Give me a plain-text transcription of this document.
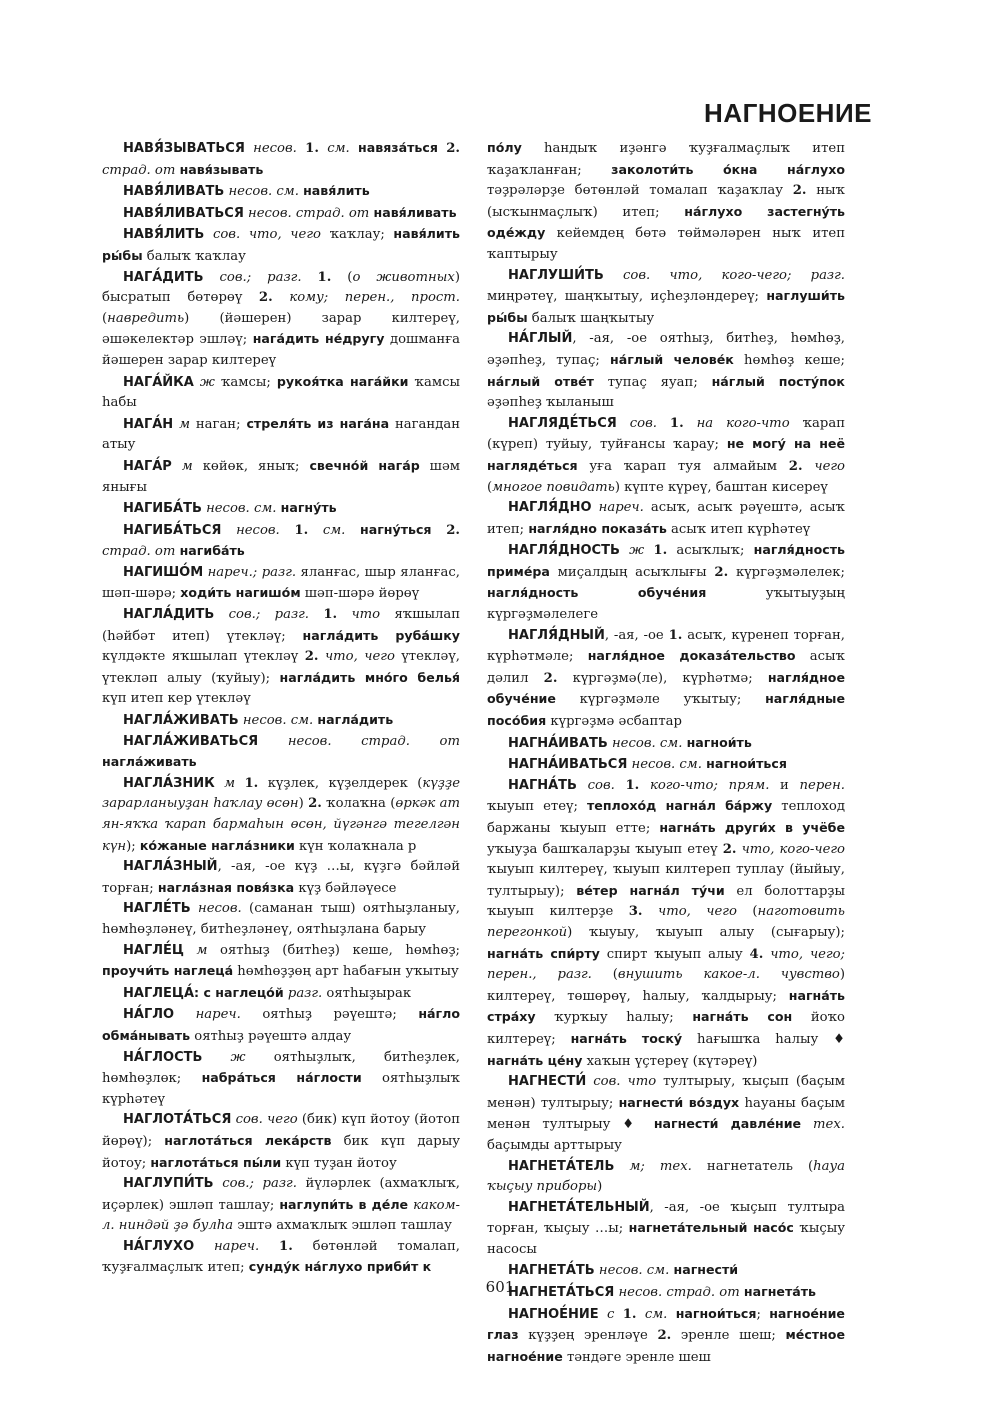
НАГНОЕНИЕ

НАВЯ́ЗЫВАТЬСЯ несов. 1. см. навяза́ться 2. страд. от навя́зывать

НАВЯ́ЛИВАТЬ несов. см. навя́лить

НАВЯ́ЛИВАТЬСЯ несов. страд. от навя́ливать

НАВЯ́ЛИТЬ сов. что, чего ҡаҡлау; навя́лить ры́бы балыҡ ҡаҡлау

НАГА́ДИТЬ сов.; разг. 1. (о животных) бысратып бөтөрөү 2. кому; перен., прост. (навредить) (йәшерен) зарар килтереү, әшәкелектәр эшләү; нага́дить не́другу дошманға йәшерен зарар килтереү

НАГА́ЙКА ж ҡамсы; рукоя́тка нага́йки ҡамсы һабы

НАГА́Н м наган; стреля́ть из нага́на нагандан атыу

НАГА́Р м көйөк, яныҡ; свечно́й нага́р шәм янығы

НАГИБА́ТЬ несов. см. нагну́ть

НАГИБА́ТЬСЯ несов. 1. см. нагну́ться 2. страд. от нагиба́ть

НАГИШО́М нареч.; разг. яланғас, шыр яланғас, шәп-шәрә; ходи́ть нагишо́м шәп-шәрә йөрөү

НАГЛА́ДИТЬ сов.; разг. 1. что яҡшылап (һәйбәт итеп) үтекләү; нагла́дить руба́шку күлдәкте яҡшылап үтекләү 2. что, чего үтекләү, үтекләп алыу (ҡуйыу); нагла́дить мно́го белья́ күп итеп кер үтекләү

НАГЛА́ЖИВАТЬ несов. см. нагла́дить

НАГЛА́ЖИВАТЬСЯ несов. страд. от нагла́живать

НАГЛА́ЗНИК м 1. күҙлек, күҙелдерек (күҙҙе зарарланыуҙан һаҡлау өсөн) 2. ҡолаҡна (өркәк ат ян-яҡҡа ҡарап бармаһын өсөн, йүгәнгә тегелгән күн); ко́жаные нагла́зники күн ҡолаҡнала р

НАГЛА́ЗНЫЙ, -ая, -ое күҙ …ы, күҙгә бәйләй торған; нагла́зная повя́зка күҙ бәйләүесе

НАГЛЕ́ТЬ несов. (саманан тыш) оятһыҙланыу, һөмһөҙләнеү, битһеҙләнеү, оятһыҙлана барыу

НАГЛЕ́Ц м оятһыҙ (битһеҙ) кеше, һөмһөҙ; проучи́ть наглеца́ һөмһөҙҙөң арт һабағын уҡытыу

НАГЛЕЦА́: с наглецо́й разг. оятһыҙырак

НА́ГЛО нареч. оятһыҙ рәүештә; на́гло обма́нывать оятһыҙ рәүештә алдау

НА́ГЛОСТЬ ж оятһыҙлыҡ, битһеҙлек, һөмһөҙлөк; набра́ться на́глости оятһыҙлыҡ күрһәтеү

НАГЛОТА́ТЬСЯ сов. чего (бик) күп йотоу (йотоп йөрөү); наглота́ться лека́рств бик күп дарыу йотоу; наглота́ться пы́ли күп туҙан йотоу

НАГЛУПИ́ТЬ сов.; разг. йүләрлек (ахмаҡлыҡ, иҫәрлек) эшләп ташлау; наглупи́ть в де́ле каком-л. ниндәй ҙә булһа эштә ахмаҡлыҡ эшләп ташлау

НА́ГЛУХО нареч. 1. бөтөнләй томалап, ҡуҙғалмаҫлыҡ итеп; сунду́к на́глухо приби́т к

по́лу һандыҡ иҙәнгә ҡуҙғалмаҫлыҡ итеп ҡаҙаҡланған; заколоти́ть о́кна на́глухо тәҙрәләрҙе бөтөнләй томалап ҡаҙаҡлау 2. ныҡ (ысҡынмаҫлыҡ) итеп; на́глухо застегну́ть оде́жду кейемдең бөтә төймәләрен ныҡ итеп ҡаптырыу

НАГЛУШИ́ТЬ сов. что, кого-чего; разг. миңрәтеү, шаңҡытыу, иҫһеҙләндереү; наглуши́ть ры́бы балыҡ шаңҡытыу

НА́ГЛЫЙ, -ая, -ое оятһыҙ, битһеҙ, һөмһөҙ, әҙәпһеҙ, тупаҫ; на́глый челове́к һөмһөҙ кеше; на́глый отве́т тупаҫ яуап; на́глый посту́пок әҙәпһеҙ ҡыланыш

НАГЛЯДЕ́ТЬСЯ сов. 1. на кого-что ҡарап (күреп) туйыу, туйғансы ҡарау; не могу́ на неё нагляде́ться уға ҡарап туя алмайым 2. чего (многое повидать) күпте күреү, баштан кисереү

НАГЛЯ́ДНО нареч. асыҡ, асыҡ рәүештә, асыҡ итеп; нагля́дно показа́ть асыҡ итеп күрһәтеү

НАГЛЯ́ДНОСТЬ ж 1. асыҡлыҡ; нагля́дность приме́ра миҫалдың асыҡлығы 2. күргәҙмәлелек; нагля́дность обуче́ния уҡытыуҙың күргәҙмәлелеге

НАГЛЯ́ДНЫЙ, -ая, -ое 1. асыҡ, күренеп торған, күрһәтмәле; нагля́дное доказа́тельство асыҡ дәлил 2. күргәҙмә(ле), күрһәтмә; нагля́дное обуче́ние күргәҙмәле уҡытыу; нагля́дные посо́бия күргәҙмә әсбаптар

НАГНА́ИВАТЬ несов. см. нагнои́ть

НАГНА́ИВАТЬСЯ несов. см. нагнои́ться

НАГНА́ТЬ сов. 1. кого-что; прям. и перен. ҡыуып етеү; теплохо́д нагна́л ба́ржу теплоход баржаны ҡыуып етте; нагна́ть други́х в учёбе уҡыуҙа башҡаларҙы ҡыуып етеү 2. что, кого-чего ҡыуып килтереү, ҡыуып килтереп туплау (йыйыу, тултырыу); ве́тер нагна́л ту́чи ел болоттарҙы ҡыуып килтерҙе 3. что, чего (наготовить перегонкой) ҡыуыу, ҡыуып алыу (сығарыу); нагна́ть спи́рту спирт ҡыуып алыу 4. что, чего; перен., разг. (внушить какое-л. чувство) килтереү, төшөрөү, һалыу, ҡалдырыу; нагна́ть стра́ху ҡурҡыу һалыу; нагна́ть сон йоҡо килтереү; нагна́ть тоску́ һағышҡа һалыу ♦ нагна́ть це́ну хаҡын үҫтереү (күтәреү)

НАГНЕСТИ́ сов. что тултырыу, ҡыҫып (баҫым менән) тултырыу; нагнести́ во́здух һауаны баҫым менән тултырыу ♦ нагнести́ давле́ние тех. баҫымды арттырыу

НАГНЕТА́ТЕЛЬ м; тех. нагнетатель (һауа ҡыҫыу приборы)

НАГНЕТА́ТЕЛЬНЫЙ, -ая, -ое ҡыҫып тултыра торған, ҡыҫыу …ы; нагнета́тельный насо́с ҡыҫыу насосы

НАГНЕТА́ТЬ несов. см. нагнести́

НАГНЕТА́ТЬСЯ несов. страд. от нагнета́ть

НАГНОЕ́НИЕ с 1. см. нагнои́ться; нагное́ние глаз күҙҙең эренләүе 2. эренле шеш; ме́стное нагное́ние тәндәге эренле шеш

601
